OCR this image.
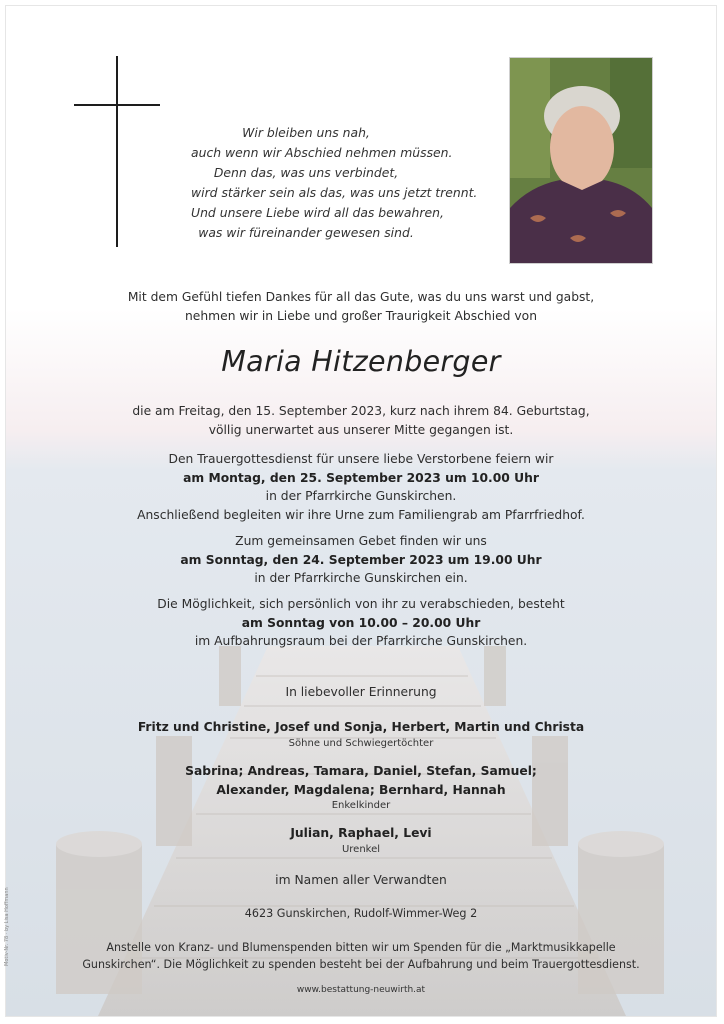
Wir bleiben uns nah,
auch wenn wir Abschied nehmen müssen.
Denn das, was uns verbindet,
wird stärker sein als das, was uns jetzt trennt.
Und unsere Liebe wird all das bewahren,
was wir füreinander gewesen sind.
Mit dem Gefühl tiefen Dankes für all das Gute, was du uns warst und gabst,
nehmen wir in Liebe und großer Traurigkeit Abschied von
Maria Hitzenberger
die am Freitag, den 15. September 2023, kurz nach ihrem 84. Geburtstag,
völlig unerwartet aus unserer Mitte gegangen ist.
Den Trauergottesdienst für unsere liebe Verstorbene feiern wir
am Montag, den 25. September 2023 um 10.00 Uhr
in der Pfarrkirche Gunskirchen.
Anschließend begleiten wir ihre Urne zum Familiengrab am Pfarrfriedhof.
Zum gemeinsamen Gebet finden wir uns
am Sonntag, den 24. September 2023 um 19.00 Uhr
in der Pfarrkirche Gunskirchen ein.
Die Möglichkeit, sich persönlich von ihr zu verabschieden, besteht
am Sonntag von 10.00 – 20.00 Uhr
im Aufbahrungsraum bei der Pfarrkirche Gunskirchen.
In liebevoller Erinnerung
Fritz und Christine, Josef und Sonja, Herbert, Martin und Christa
Söhne und Schwiegertöchter
Sabrina; Andreas, Tamara, Daniel, Stefan, Samuel;
Alexander, Magdalena; Bernhard, Hannah
Enkelkinder
Julian, Raphael, Levi
Urenkel
im Namen aller Verwandten
4623 Gunskirchen, Rudolf-Wimmer-Weg 2
Anstelle von Kranz- und Blumenspenden bitten wir um Spenden für die „Marktmusikkapelle
Gunskirchen“. Die Möglichkeit zu spenden besteht bei der Aufbahrung und beim Trauergottesdienst.
www.bestattung-neuwirth.at
Motiv-Nr. 78 · by Lisa Hoffmann
